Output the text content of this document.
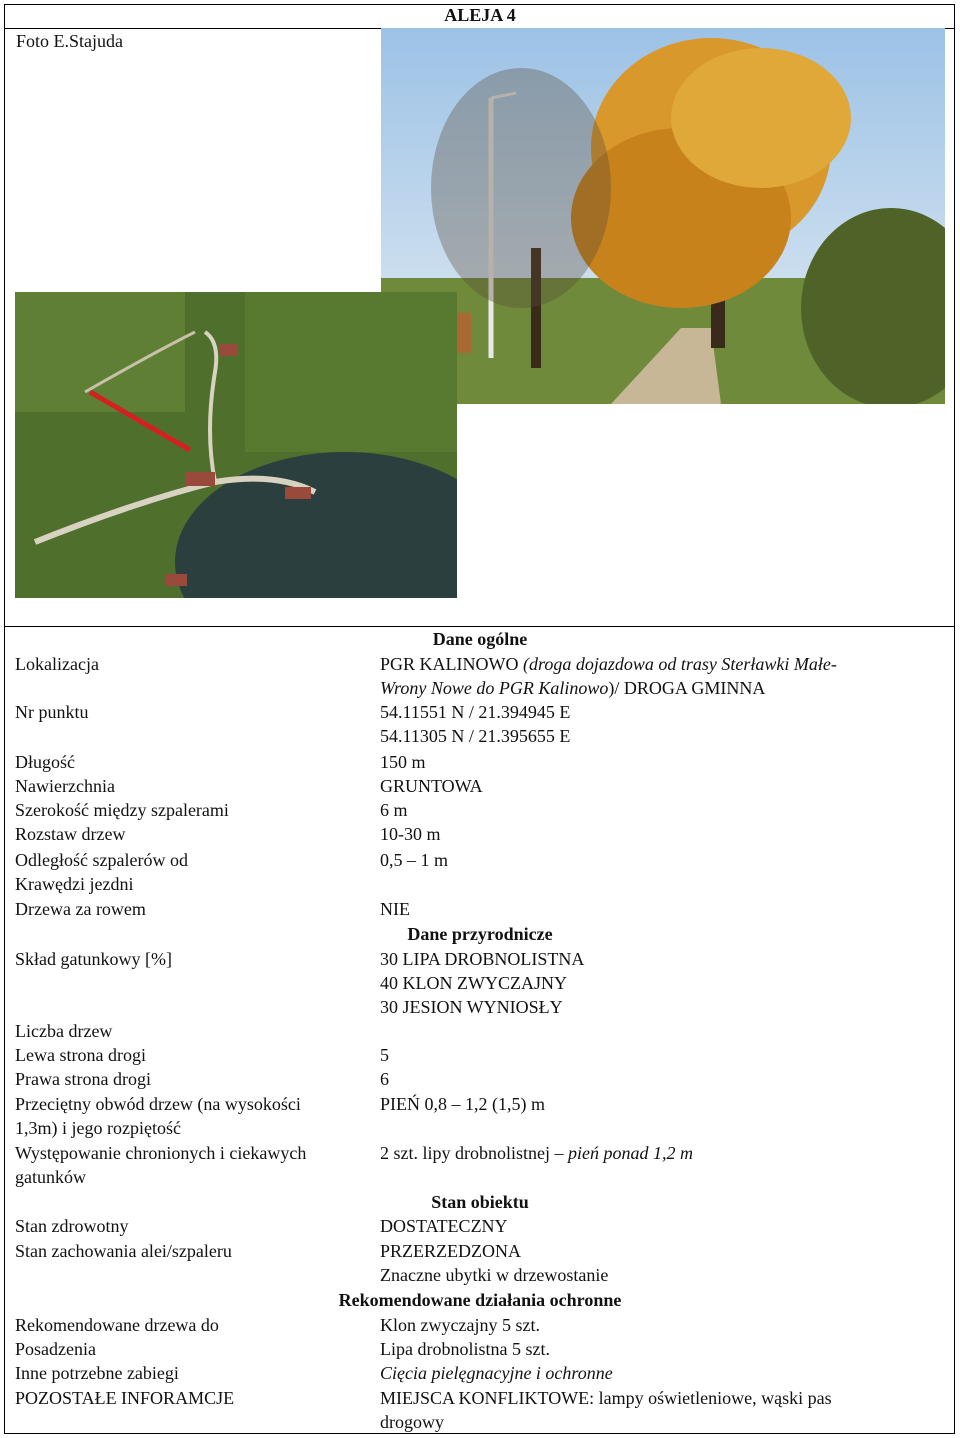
ALEJA 4
Foto E.Stajuda
Dane ogólne
Lokalizacja	PGR KALINOWO (droga dojazdowa od trasy Sterławki Małe-
Wrony Nowe do PGR Kalinowo)/ DROGA GMINNA
Nr punktu	54.11551 N / 21.394945 E
54.11305 N / 21.395655 E
Długość	150 m
Nawierzchnia	GRUNTOWA
Szerokość między szpalerami	6 m
Rozstaw drzew	10-30 m
Odległość szpalerów od	0,5 – 1 m
Krawędzi jezdni
Drzewa za rowem	NIE
Dane przyrodnicze
Skład gatunkowy [%]	30 LIPA DROBNOLISTNA
40 KLON ZWYCZAJNY
30 JESION WYNIOSŁY
Liczba drzew
Lewa strona drogi	5
Prawa strona drogi	6
Przeciętny obwód drzew (na wysokości	PIEŃ 0,8 – 1,2 (1,5) m
1,3m) i jego rozpiętość
Występowanie chronionych i ciekawych	2 szt. lipy drobnolistnej – pień ponad 1,2 m
gatunków
Stan obiektu
Stan zdrowotny	DOSTATECZNY
Stan zachowania alei/szpaleru	PRZERZEDZONA
Znaczne ubytki w drzewostanie
Rekomendowane działania ochronne
Rekomendowane drzewa do	Klon zwyczajny 5 szt.
Posadzenia	Lipa drobnolistna 5 szt.
Inne potrzebne zabiegi	Cięcia pielęgnacyjne i ochronne
POZOSTAŁE INFORAMCJE	MIEJSCA KONFLIKTOWE: lampy oświetleniowe, wąski pas
drogowy
